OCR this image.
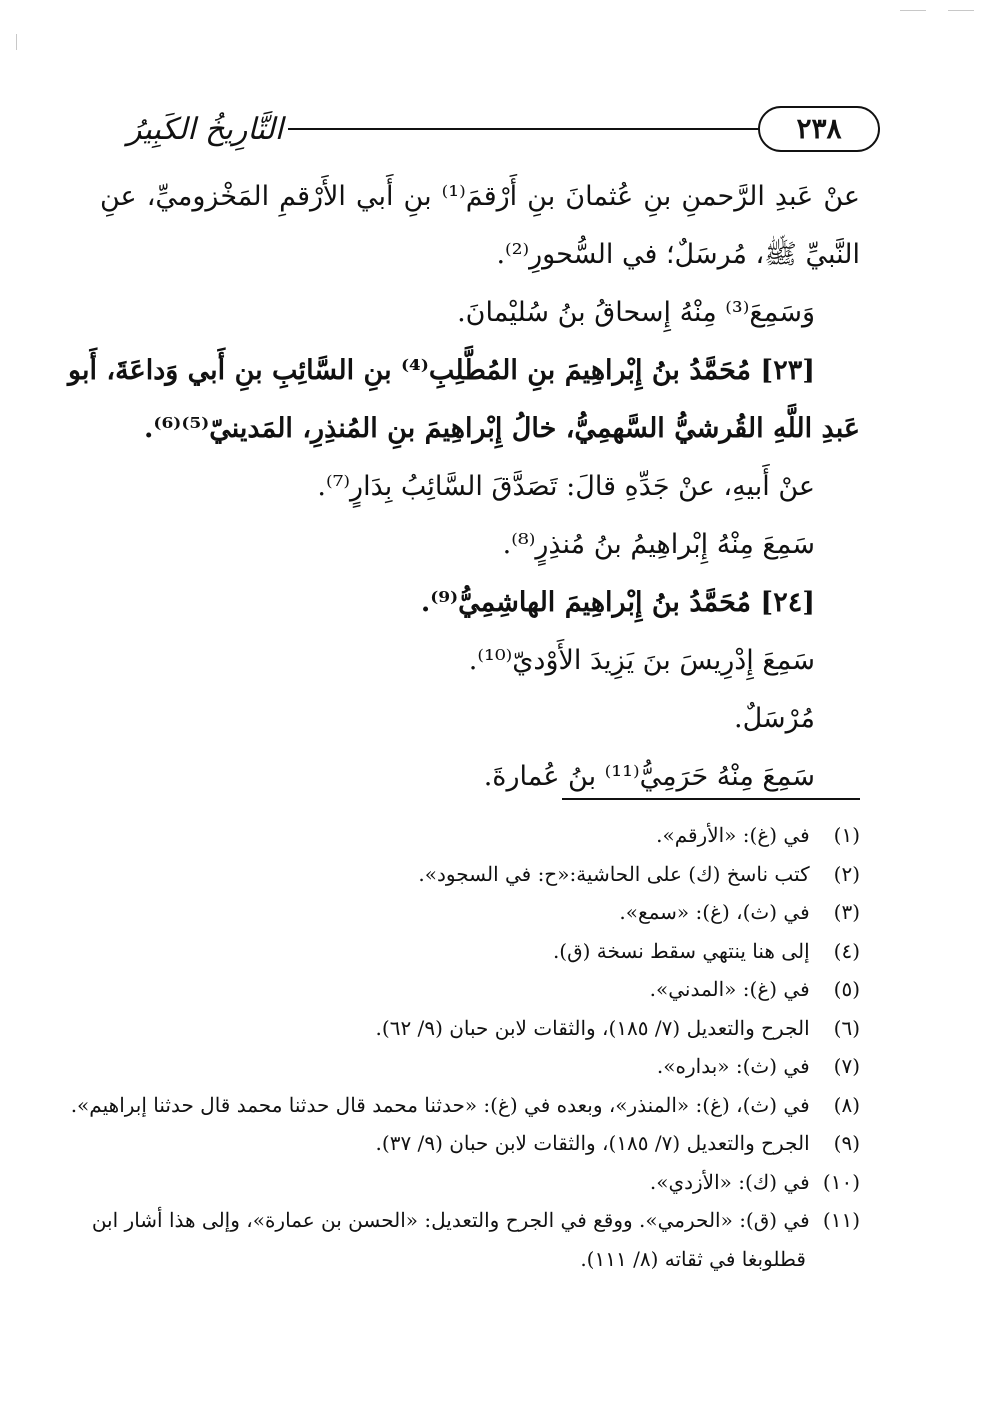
التَّارِيخُ الكَبِيرُ	٢٣٨
عنْ عَبدِ الرَّحمنِ بنِ عُثمانَ بنِ أَرْقمَ⁽¹⁾ بنِ أَبي الأَرْقمِ المَخْزوميِّ، عنِ
النَّبيِّ ﷺ، مُرسَلٌ؛ في السُّحورِ⁽²⁾.
وَسَمِعَ⁽³⁾ مِنْهُ إِسحاقُ بنُ سُليْمانَ.
[٢٣] مُحَمَّدُ بنُ إِبْراهِيمَ بنِ المُطَّلِبِ⁽⁴⁾ بنِ السَّائِبِ بنِ أَبي وَداعَةَ، أَبو
عَبدِ اللَّهِ القُرشيُّ السَّهمِيُّ، خالُ إِبْراهِيمَ بنِ المُنذِرِ، المَدينيّ⁽⁵⁾⁽⁶⁾.
عنْ أَبيهِ، عنْ جَدِّهِ قالَ: تَصَدَّقَ السَّائِبُ بِدَارٍ⁽⁷⁾.
سَمِعَ مِنْهُ إِبْراهِيمُ بنُ مُنذِرٍ⁽⁸⁾.
[٢٤] مُحَمَّدُ بنُ إِبْراهِيمَ الهاشِمِيُّ⁽⁹⁾.
سَمِعَ إِدْرِيسَ بنَ يَزِيدَ الأَوْديّ⁽¹⁰⁾.
مُرْسَلٌ.
سَمِعَ مِنْهُ حَرَمِيُّ⁽¹¹⁾ بنُ عُمارةَ.
(١) في (غ): «الأرقم».
(٢) كتب ناسخ (ك) على الحاشية:«ح: في السجود».
(٣) في (ث)، (غ): «سمع».
(٤) إلى هنا ينتهي سقط نسخة (ق).
(٥) في (غ): «المدني».
(٦) الجرح والتعديل (٧/ ١٨٥)، والثقات لابن حبان (٩/ ٦٢).
(٧) في (ث): «بداره».
(٨) في (ث)، (غ): «المنذر»، وبعده في (غ): «حدثنا محمد قال حدثنا محمد قال حدثنا إبراهيم».
(٩) الجرح والتعديل (٧/ ١٨٥)، والثقات لابن حبان (٩/ ٣٧).
(١٠) في (ك): «الأزدي».
(١١) في (ق): «الحرمي». ووقع في الجرح والتعديل: «الحسن بن عمارة»، وإلى هذا أشار ابن
قطلوبغا في ثقاته (٨/ ١١١).
